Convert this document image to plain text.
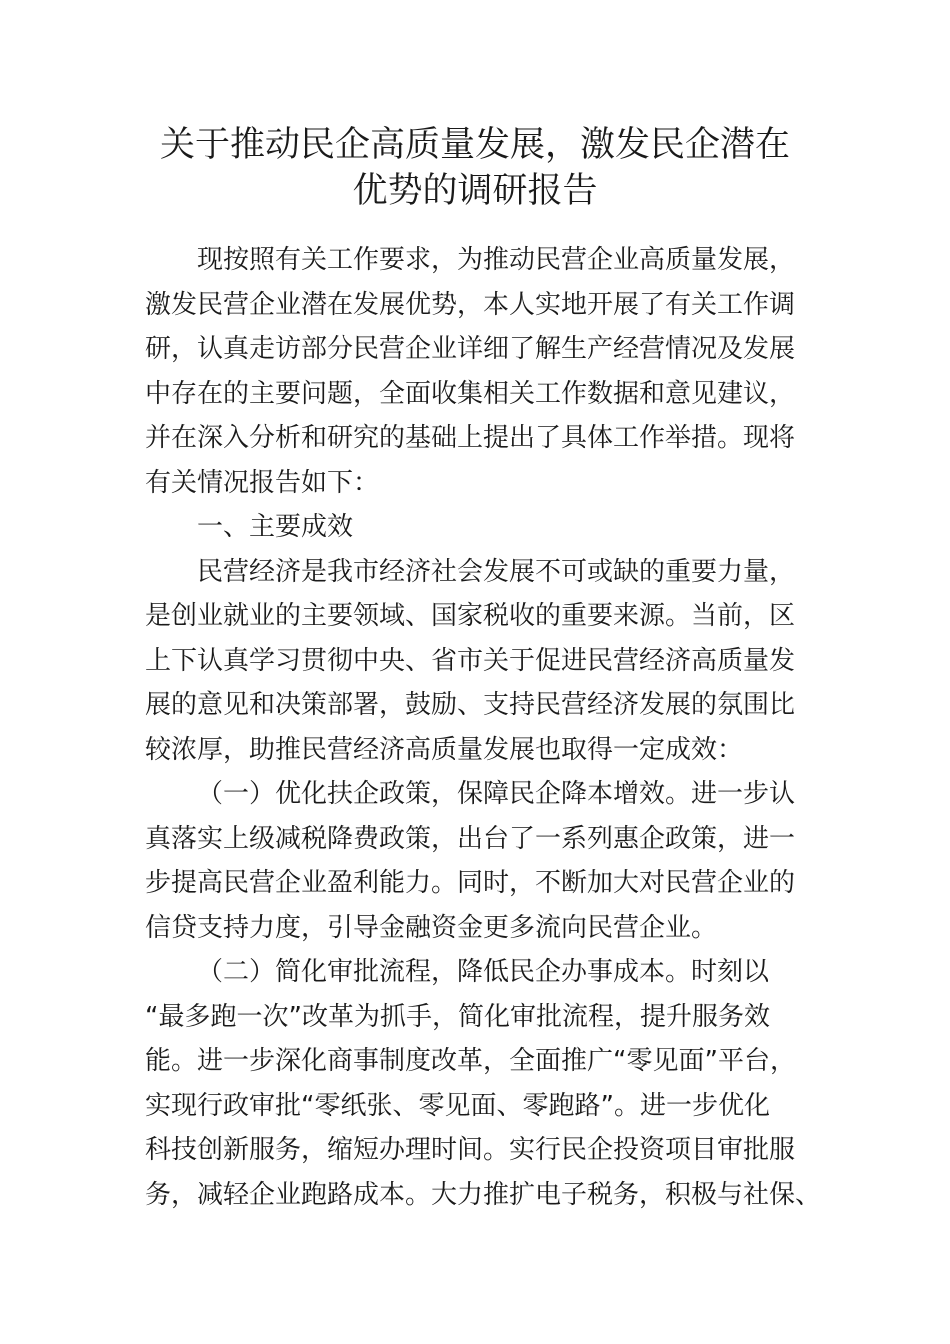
关于推动民企高质量发展，激发民企潜在
优势的调研报告

现按照有关工作要求，为推动民营企业高质量发展，

激发民营企业潜在发展优势，本人实地开展了有关工作调

研，认真走访部分民营企业详细了解生产经营情况及发展

中存在的主要问题，全面收集相关工作数据和意见建议，

并在深入分析和研究的基础上提出了具体工作举措。现将

有关情况报告如下：

一、主要成效

民营经济是我市经济社会发展不可或缺的重要力量，

是创业就业的主要领域、国家税收的重要来源。当前，区

上下认真学习贯彻中央、省市关于促进民营经济高质量发

展的意见和决策部署，鼓励、支持民营经济发展的氛围比

较浓厚，助推民营经济高质量发展也取得一定成效：

（一）优化扶企政策，保障民企降本增效。进一步认

真落实上级减税降费政策，出台了一系列惠企政策，进一

步提高民营企业盈利能力。同时，不断加大对民营企业的

信贷支持力度，引导金融资金更多流向民营企业。

（二）简化审批流程，降低民企办事成本。时刻以

“最多跑一次”改革为抓手，简化审批流程，提升服务效

能。进一步深化商事制度改革，全面推广“零见面”平台，

实现行政审批“零纸张、零见面、零跑路”。进一步优化

科技创新服务，缩短办理时间。实行民企投资项目审批服

务，减轻企业跑路成本。大力推扩电子税务，积极与社保、
